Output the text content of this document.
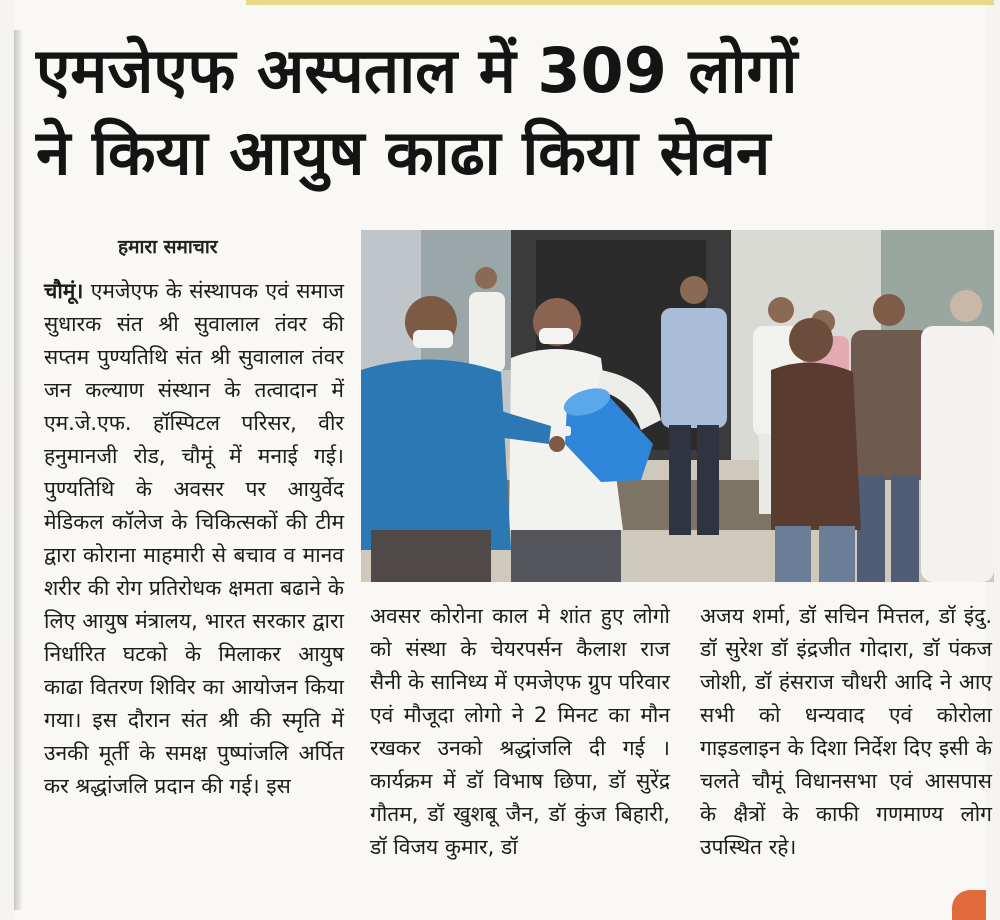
एमजेएफ अस्पताल में 309 लोगों
ने किया आयुष काढा किया सेवन
हमारा समाचार
चौमूं। एमजेएफ के संस्थापक एवं समाज सुधारक संत श्री सुवालाल तंवर की सप्तम पुण्यतिथि संत श्री सुवालाल तंवर जन कल्याण संस्थान के तत्वादान में एम.जे.एफ. हॉस्पिटल परिसर, वीर हनुमानजी रोड, चौमूं में मनाई गई। पुण्यतिथि के अवसर पर आयुर्वेद मेडिकल कॉलेज के चिकित्सकों की टीम द्वारा कोराना माहमारी से बचाव व मानव शरीर की रोग प्रतिरोधक क्षमता बढाने के लिए आयुष मंत्रालय, भारत सरकार द्वारा निर्धारित घटको के मिलाकर आयुष काढा वितरण शिविर का आयोजन किया गया। इस दौरान संत श्री की स्मृति में उनकी मूर्ती के समक्ष पुष्पांजलि अर्पित कर श्रद्धांजलि प्रदान की गई। इस
अवसर कोरोना काल मे शांत हुए लोगो को संस्था के चेयरपर्सन कैलाश राज सैनी के सानिध्य में एमजेएफ ग्रुप परिवार एवं मौजूदा लोगो ने 2 मिनट का मौन रखकर उनको श्रद्धांजलि दी गई । कार्यक्रम में डॉ विभाष छिपा, डॉ सुरेंद्र गौतम, डॉ खुशबू जैन, डॉ कुंज बिहारी, डॉ विजय कुमार, डॉ
अजय शर्मा, डॉ सचिन मित्तल, डॉ इंदु. डॉ सुरेश डॉ इंद्रजीत गोदारा, डॉ पंकज जोशी, डॉ हंसराज चौधरी आदि ने आए सभी को धन्यवाद एवं कोरोला गाइडलाइन के दिशा निर्देश दिए इसी के चलते चौमूं विधानसभा एवं आसपास के क्षैत्रों के काफी गणमाण्य लोग उपस्थित रहे।
